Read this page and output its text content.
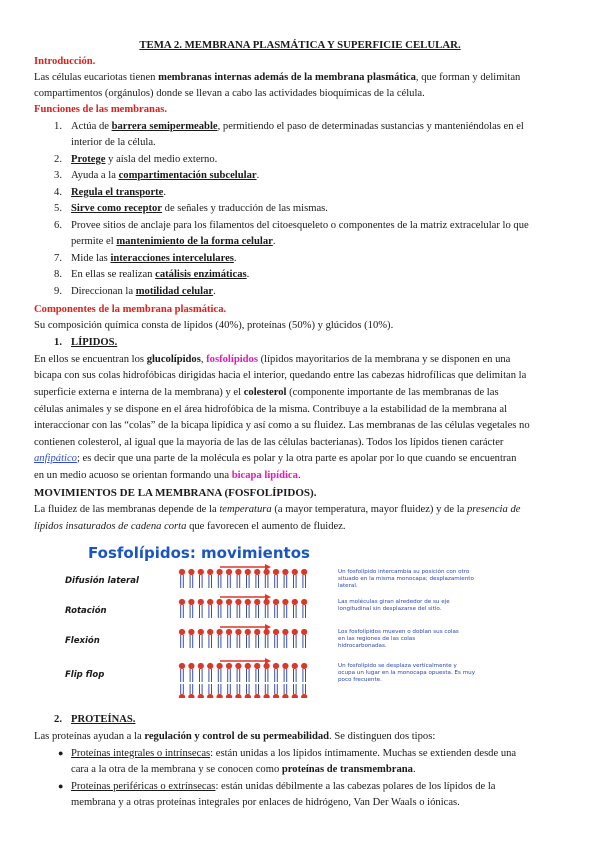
TEMA 2. MEMBRANA PLASMÁTICA Y SUPERFICIE CELULAR.
Introducción.
Las células eucariotas tienen membranas internas además de la membrana plasmática, que forman y delimitan
compartimentos (orgánulos) donde se llevan a cabo las actividades bioquímicas de la célula.
Funciones de las membranas.
1. Actúa de barrera semipermeable, permitiendo el paso de determinadas sustancias y manteniéndolas en el
interior de la célula.
2. Protege y aísla del medio externo.
3. Ayuda a la compartimentación subcelular.
4. Regula el transporte.
5. Sirve como receptor de señales y traducción de las mismas.
6. Provee sitios de anclaje para los filamentos del citoesqueleto o componentes de la matriz extracelular lo que
permite el mantenimiento de la forma celular.
7. Mide las interacciones intercelulares.
8. En ellas se realizan catálisis enzimáticas.
9. Direccionan la motilidad celular.
Componentes de la membrana plasmática.
Su composición química consta de lípidos (40%), proteínas (50%) y glúcidos (10%).
1. LÍPIDOS.
En ellos se encuentran los glucolípidos, fosfolípidos (lípidos mayoritarios de la membrana y se disponen en una
bicapa con sus colas hidrofóbicas dirigidas hacia el interior, quedando entre las cabezas hidrofílicas que delimitan la
superficie externa e interna de la membrana) y el colesterol (componente importante de las membranas de las
células animales y se dispone en el área hidrofóbica de la misma. Contribuye a la estabilidad de la membrana al
interaccionar con las “colas” de la bicapa lipídica y así como a su fluidez. Las membranas de las células vegetales no
contienen colesterol, al igual que la mayoría de las de las células bacterianas). Todos los lípidos tienen carácter
anfipático; es decir que una parte de la molécula es polar y la otra parte es apolar por lo que cuando se encuentran
en un medio acuoso se orientan formando una bicapa lipídica.
MOVIMIENTOS DE LA MEMBRANA (FOSFOLÍPIDOS).
La fluidez de las membranas depende de la temperatura (a mayor temperatura, mayor fluidez) y de la presencia de
lípidos insaturados de cadena corta que favorecen el aumento de fluidez.
Fosfolípidos: movimientos
Difusión lateral
Un fosfolípido intercambia su posición con otro
situado en la misma monocapa; desplazamiento
lateral.
Rotación
Las moléculas giran alrededor de su eje
longitudinal sin desplazarse del sitio.
Flexión
Los fosfolípidos mueven o doblan sus colas
en las regiones de las colas
hidrocarbonadas.
Flip flop
Un fosfolípido se desplaza verticalmente y
ocupa un lugar en la monocapa opuesta. Es muy
poco frecuente.
2. PROTEÍNAS.
Las proteínas ayudan a la regulación y control de su permeabilidad. Se distinguen dos tipos:
● Proteínas integrales o intrínsecas: están unidas a los lípidos íntimamente. Muchas se extienden desde una
cara a la otra de la membrana y se conocen como proteínas de transmembrana.
● Proteínas periféricas o extrínsecas: están unidas débilmente a las cabezas polares de los lípidos de la
membrana y a otras proteínas integrales por enlaces de hidrógeno, Van Der Waals o iónicas.
